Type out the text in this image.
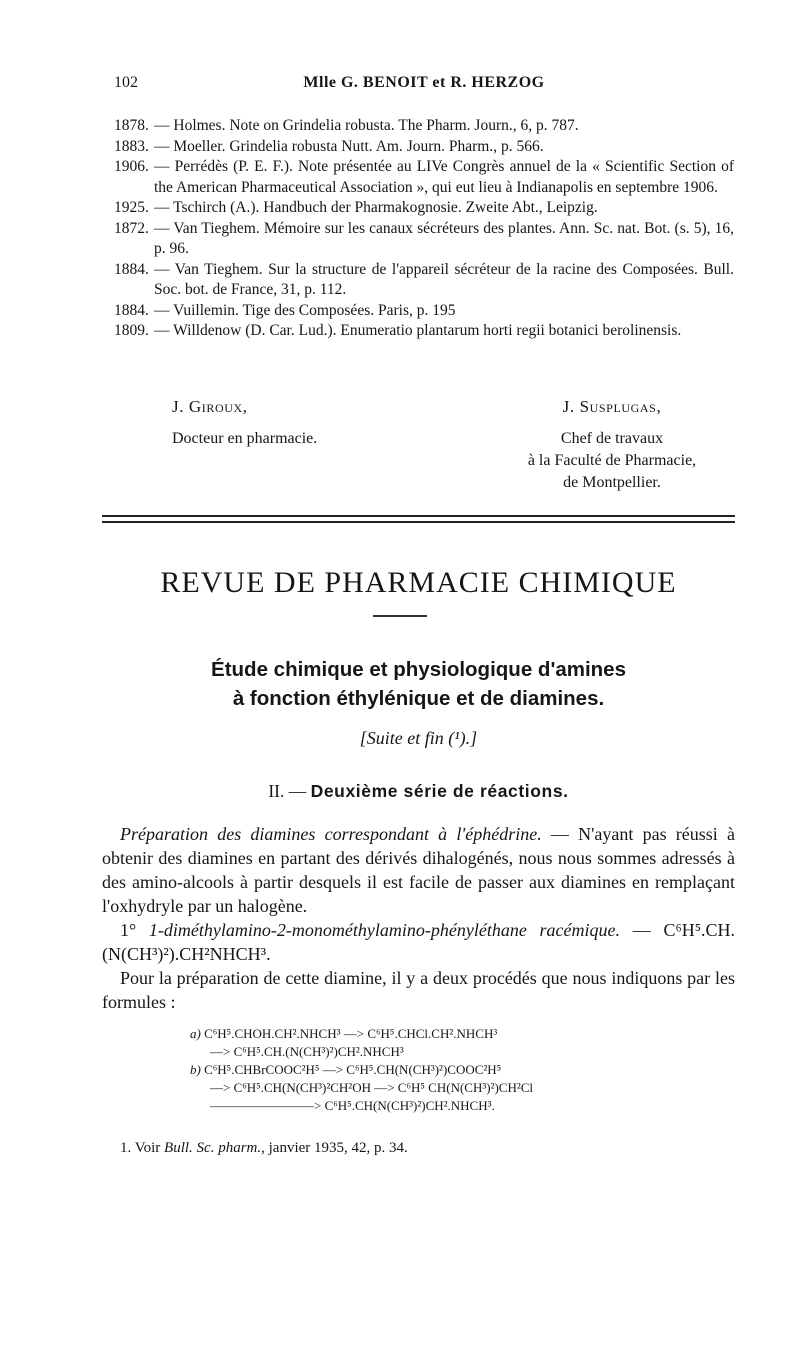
102	Mlle G. BENOIT et R. HERZOG
1878. — Holmes. Note on Grindelia robusta. The Pharm. Journ., 6, p. 787.
1883. — Moeller. Grindelia robusta Nutt. Am. Journ. Pharm., p. 566.
1906. — Perrédès (P. E. F.). Note présentée au LIVe Congrès annuel de la « Scientific Section of the American Pharmaceutical Association », qui eut lieu à Indianapolis en septembre 1906.
1925. — Tschirch (A.). Handbuch der Pharmakognosie. Zweite Abt., Leipzig.
1872. — Van Tieghem. Mémoire sur les canaux sécréteurs des plantes. Ann. Sc. nat. Bot. (s. 5), 16, p. 96.
1884. — Van Tieghem. Sur la structure de l'appareil sécréteur de la racine des Composées. Bull. Soc. bot. de France, 31, p. 112.
1884. — Vuillemin. Tige des Composées. Paris, p. 195
1809. — Willdenow (D. Car. Lud.). Enumeratio plantarum horti regii botanici berolinensis.
J. Giroux,
Docteur en pharmacie.
J. Susplugas,
Chef de travaux
à la Faculté de Pharmacie,
de Montpellier.
REVUE DE PHARMACIE CHIMIQUE
Étude chimique et physiologique d'amines
à fonction éthylénique et de diamines.
[Suite et fin (¹).]
II. — Deuxième série de réactions.

Préparation des diamines correspondant à l'éphédrine. — N'ayant pas réussi à obtenir des diamines en partant des dérivés dihalogénés, nous nous sommes adressés à des amino-alcools à partir desquels il est facile de passer aux diamines en remplaçant l'oxhydryle par un halogène.

1° 1-diméthylamino-2-monométhylamino-phényléthane racémique. — C⁶H⁵.CH.(N(CH³)²).CH²NHCH³.

Pour la préparation de cette diamine, il y a deux procédés que nous indiquons par les formules :

a) C⁶H⁵.CHOH.CH².NHCH³ —> C⁶H⁵.CHCl.CH².NHCH³
—> C⁶H⁵.CH.(N(CH³)²)CH².NHCH³
b) C⁶H⁵.CHBrCOOC²H⁵ —> C⁶H⁵.CH(N(CH³)²)COOC²H⁵
—> C⁶H⁵.CH(N(CH³)²CH²OH —> C⁶H⁵ CH(N(CH³)²)CH²Cl
————————> C⁶H⁵.CH(N(CH³)²)CH².NHCH³.
1. Voir Bull. Sc. pharm., janvier 1935, 42, p. 34.
